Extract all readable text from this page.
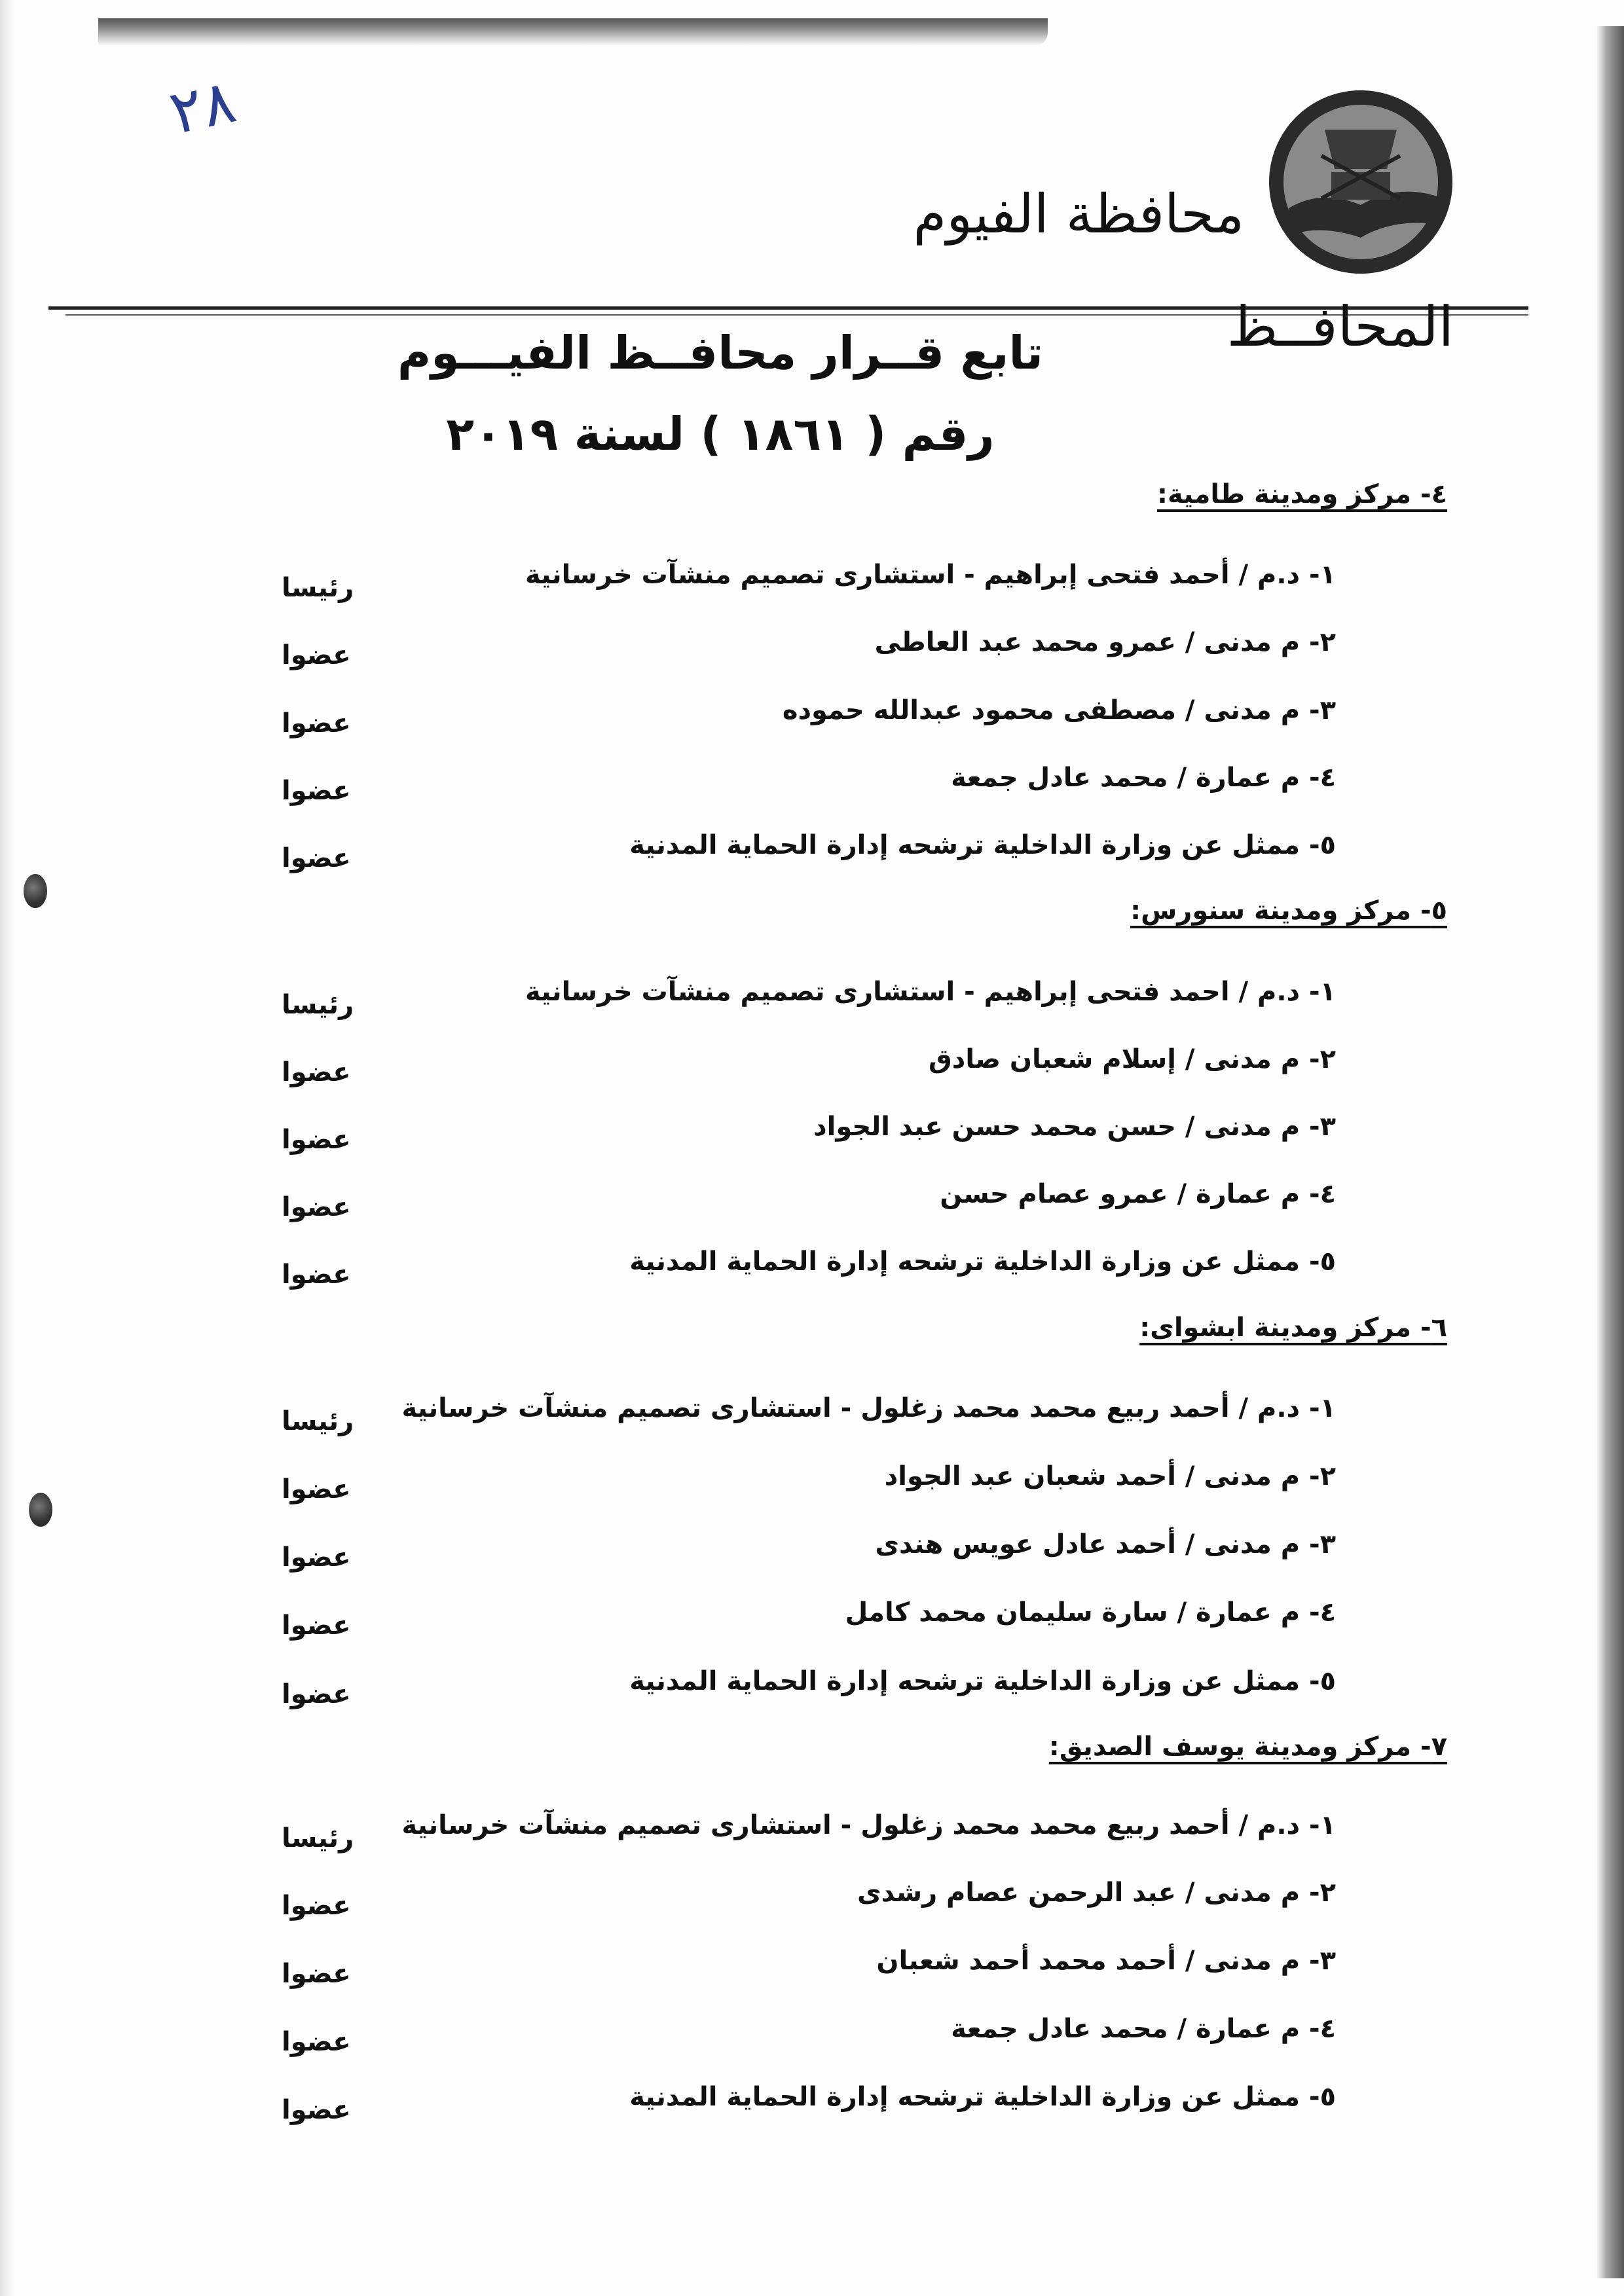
٢٨
محافظة الفيوم
المحافــظ
تابع قــرار محافــظ الفيـــوم
رقم ( ١٨٦١ ) لسنة ٢٠١٩
٤- مركز ومدينة طامية:
١- د.م / أحمد فتحى إبراهيم - استشارى تصميم منشآت خرسانية
رئيسا
٢- م مدنى / عمرو محمد عبد العاطى
عضوا
٣- م مدنى / مصطفى محمود عبدالله حموده
عضوا
٤- م عمارة / محمد عادل جمعة
عضوا
٥- ممثل عن وزارة الداخلية ترشحه إدارة الحماية المدنية
عضوا
٥- مركز ومدينة سنورس:
١- د.م / احمد فتحى إبراهيم - استشارى تصميم منشآت خرسانية
رئيسا
٢- م مدنى / إسلام شعبان صادق
عضوا
٣- م مدنى / حسن محمد حسن عبد الجواد
عضوا
٤- م عمارة / عمرو عصام حسن
عضوا
٥- ممثل عن وزارة الداخلية ترشحه إدارة الحماية المدنية
عضوا
٦- مركز ومدينة ابشواى:
١- د.م / أحمد ربيع محمد محمد زغلول - استشارى تصميم منشآت خرسانية
رئيسا
٢- م مدنى / أحمد شعبان عبد الجواد
عضوا
٣- م مدنى / أحمد عادل عويس هندى
عضوا
٤- م عمارة / سارة سليمان محمد كامل
عضوا
٥- ممثل عن وزارة الداخلية ترشحه إدارة الحماية المدنية
عضوا
٧- مركز ومدينة يوسف الصديق:
١- د.م / أحمد ربيع محمد محمد زغلول - استشارى تصميم منشآت خرسانية
رئيسا
٢- م مدنى / عبد الرحمن عصام رشدى
عضوا
٣- م مدنى / أحمد محمد أحمد شعبان
عضوا
٤- م عمارة / محمد عادل جمعة
عضوا
٥- ممثل عن وزارة الداخلية ترشحه إدارة الحماية المدنية
عضوا
